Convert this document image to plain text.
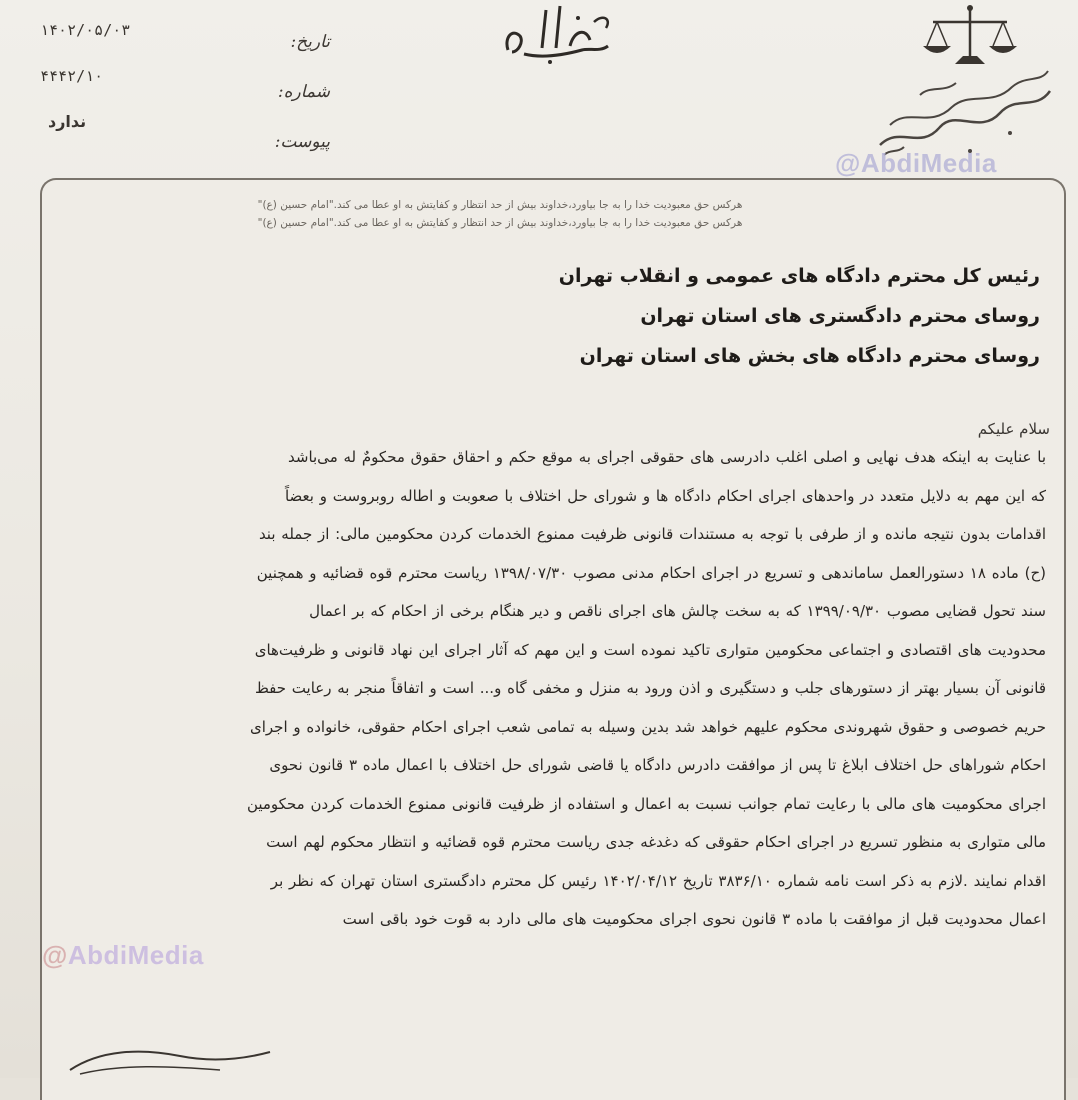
۱۴۰۲/۰۵/۰۳
۴۴۴۲/۱۰
ندارد
تاریخ:
شماره:
پیوست:
@AbdiMedia
هرکس حق معبودیت خدا را به جا بیاورد،خداوند بیش از حد انتظار و کفایتش به او عطا می کند."امام حسین (ع)"
هرکس حق معبودیت خدا را به جا بیاورد،خداوند بیش از حد انتظار و کفایتش به او عطا می کند."امام حسین (ع)"
رئیس کل محترم دادگاه های عمومی و انقلاب تهران
روسای محترم دادگستری های استان تهران
روسای محترم دادگاه های بخش های استان تهران
سلام علیکم
با عنایت به اینکه هدف نهایی و اصلی اغلب دادرسی های حقوقی اجرای به موقع حکم و احقاق حقوق محکومٌ له می‌باشد
که این مهم به دلایل متعدد در واحدهای اجرای احکام دادگاه ها و شورای حل اختلاف با صعوبت و اطاله روبروست و بعضاً
اقدامات بدون نتیجه مانده و از طرفی با توجه به مستندات قانونی ظرفیت ممنوع الخدمات کردن محکومین مالی: از جمله بند
(ح) ماده ۱۸ دستورالعمل ساماندهی و تسریع در اجرای احکام مدنی مصوب ۱۳۹۸/۰۷/۳۰ ریاست محترم قوه قضائیه و همچنین
سند تحول قضایی مصوب ۱۳۹۹/۰۹/۳۰ که به سخت چالش های اجرای ناقص و دیر هنگام برخی از احکام که بر اعمال
محدودیت های اقتصادی و اجتماعی محکومین متواری تاکید نموده است و این مهم که آثار اجرای این نهاد قانونی و ظرفیت‌های
قانونی آن بسیار بهتر از دستورهای جلب و دستگیری و اذن ورود به منزل و مخفی گاه و... است و اتفاقاً منجر به رعایت حفظ
حریم خصوصی و حقوق شهروندی محکوم علیهم خواهد شد بدین وسیله به تمامی شعب اجرای احکام حقوقی، خانواده و اجرای
احکام شوراهای حل اختلاف ابلاغ تا پس از موافقت دادرس دادگاه یا قاضی شورای حل اختلاف با اعمال ماده ۳ قانون نحوی
اجرای محکومیت های مالی با رعایت تمام جوانب نسبت به اعمال و استفاده از ظرفیت قانونی ممنوع الخدمات کردن محکومین
مالی متواری به منظور تسریع در اجرای احکام حقوقی که دغدغه جدی ریاست محترم قوه قضائیه و انتظار محکوم لهم است
اقدام نمایند .لازم به ذکر است نامه شماره ۳۸۳۶/۱۰ تاریخ ۱۴۰۲/۰۴/۱۲ رئیس کل محترم دادگستری استان تهران که نظر بر
اعمال محدودیت قبل از موافقت با ماده ۳ قانون نحوی اجرای محکومیت های مالی دارد به قوت خود باقی است
@AbdiMedia
